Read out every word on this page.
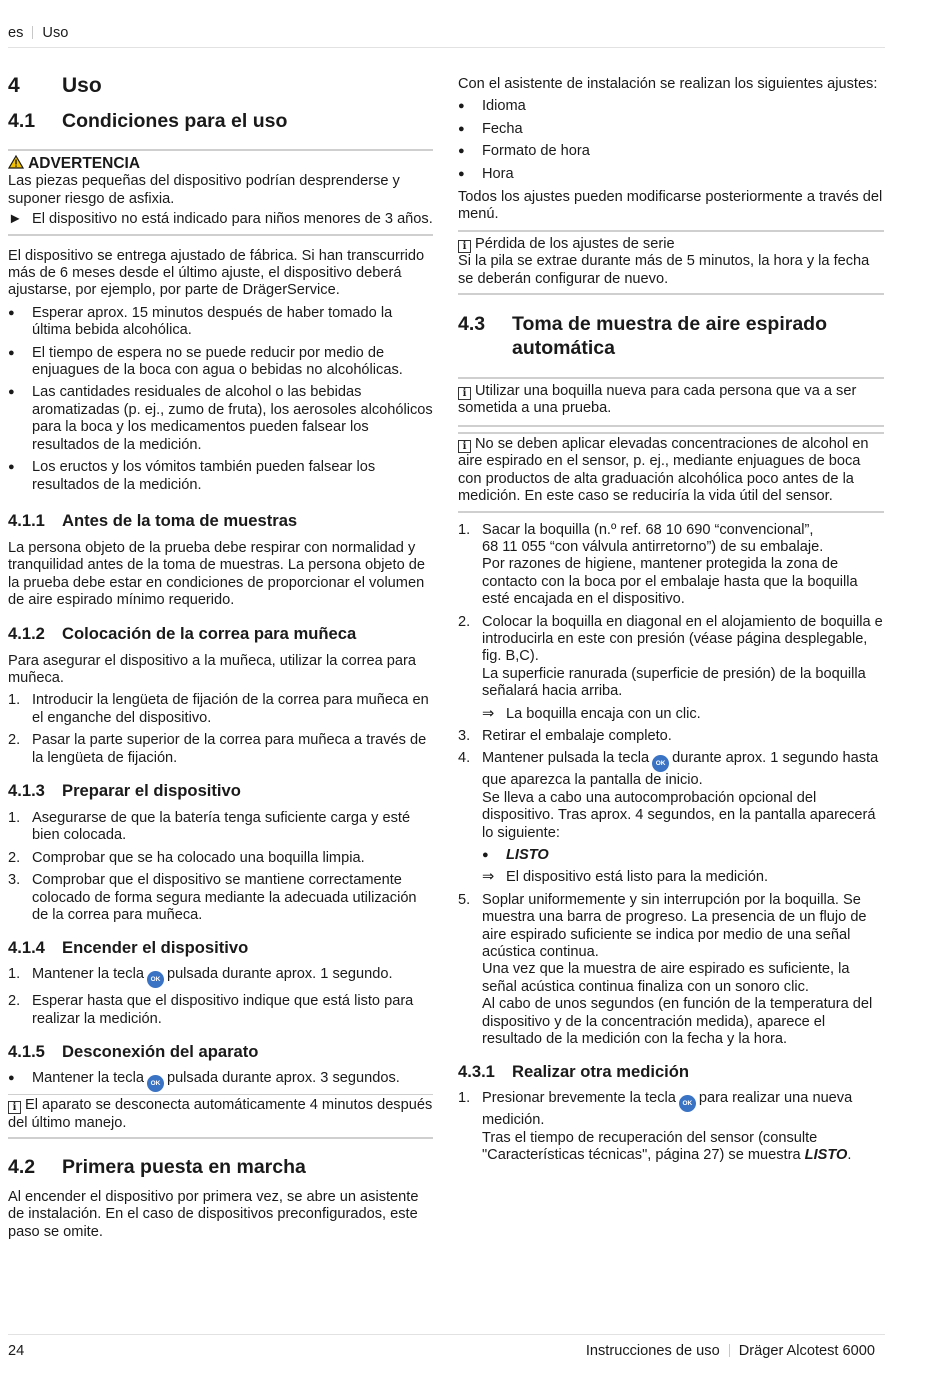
es Uso
4 Uso
4.1 Condiciones para el uso
ADVERTENCIA

Las piezas pequeñas del dispositivo podrían desprenderse y suponer riesgo de asfixia.

► El dispositivo no está indicado para niños menores de 3 años.

El dispositivo se entrega ajustado de fábrica. Si han transcurrido más de 6 meses desde el último ajuste, el dispositivo deberá ajustarse, por ejemplo, por parte de DrägerService.

● Esperar aprox. 15 minutos después de haber tomado la última bebida alcohólica.
● El tiempo de espera no se puede reducir por medio de enjuagues de la boca con agua o bebidas no alcohólicas.
● Las cantidades residuales de alcohol o las bebidas aromatizadas (p. ej., zumo de fruta), los aerosoles alcohólicos para la boca y los medicamentos pueden falsear los resultados de la medición.
● Los eructos y los vómitos también pueden falsear los resultados de la medición.
4.1.1 Antes de la toma de muestras

La persona objeto de la prueba debe respirar con normalidad y tranquilidad antes de la toma de muestras. La persona objeto de la prueba debe estar en condiciones de proporcionar el volumen de aire espirado mínimo requerido.

4.1.2 Colocación de la correa para muñeca

Para asegurar el dispositivo a la muñeca, utilizar la correa para muñeca.

1. Introducir la lengüeta de fijación de la correa para muñeca en el enganche del dispositivo.
2. Pasar la parte superior de la correa para muñeca a través de la lengüeta de fijación.
4.1.3 Preparar el dispositivo
1. Asegurarse de que la batería tenga suficiente carga y esté bien colocada.
2. Comprobar que se ha colocado una boquilla limpia.
3. Comprobar que el dispositivo se mantiene correctamente colocado de forma segura mediante la adecuada utilización de la correa para muñeca.
4.1.4 Encender el dispositivo
1. Mantener la tecla OK pulsada durante aprox. 1 segundo.
2. Esperar hasta que el dispositivo indique que está listo para realizar la medición.
4.1.5 Desconexión del aparato
● Mantener la tecla OK pulsada durante aprox. 3 segundos.
i El aparato se desconecta automáticamente 4 minutos después del último manejo.
4.2 Primera puesta en marcha

Al encender el dispositivo por primera vez, se abre un asistente de instalación. En el caso de dispositivos preconfigurados, este paso se omite.

Con el asistente de instalación se realizan los siguientes ajustes:

● Idioma
● Fecha
● Formato de hora
● Hora

Todos los ajustes pueden modificarse posteriormente a través del menú.

i Pérdida de los ajustes de serie

Si la pila se extrae durante más de 5 minutos, la hora y la fecha se deberán configurar de nuevo.

4.3	Toma de muestra de aire espirado automática
i Utilizar una boquilla nueva para cada persona que va a ser sometida a una prueba.
i No se deben aplicar elevadas concentraciones de alcohol en aire espirado en el sensor, p. ej., mediante enjuagues de boca con productos de alta graduación alcohólica poco antes de la medición. En este caso se reduciría la vida útil del sensor.
1. Sacar la boquilla (n.º ref. 68 10 690 “convencional”,
68 11 055 “con válvula antirretorno”) de su embalaje.
Por razones de higiene, mantener protegida la zona de contacto con la boca por el embalaje hasta que la boquilla esté encajada en el dispositivo.
2. Colocar la boquilla en diagonal en el alojamiento de boquilla e introducirla en este con presión (véase página desplegable, fig. B,C).
La superficie ranurada (superficie de presión) de la boquilla señalará hacia arriba.
⇒ La boquilla encaja con un clic.
3. Retirar el embalaje completo.
4. Mantener pulsada la tecla OK durante aprox. 1 segundo hasta que aparezca la pantalla de inicio.
Se lleva a cabo una autocomprobación opcional del dispositivo. Tras aprox. 4 segundos, en la pantalla aparecerá lo siguiente:
● LISTO
⇒ El dispositivo está listo para la medición.
5. Soplar uniformemente y sin interrupción por la boquilla. Se muestra una barra de progreso. La presencia de un flujo de aire espirado suficiente se indica por medio de una señal acústica continua.
Una vez que la muestra de aire espirado es suficiente, la señal acústica continua finaliza con un sonoro clic.
Al cabo de unos segundos (en función de la temperatura del dispositivo y de la concentración medida), aparece el resultado de la medición con la fecha y la hora.
4.3.1 Realizar otra medición
1. Presionar brevemente la tecla OK para realizar una nueva medición.
Tras el tiempo de recuperación del sensor (consulte "Características técnicas", página 27) se muestra LISTO.
24	Instrucciones de uso Dräger Alcotest 6000
